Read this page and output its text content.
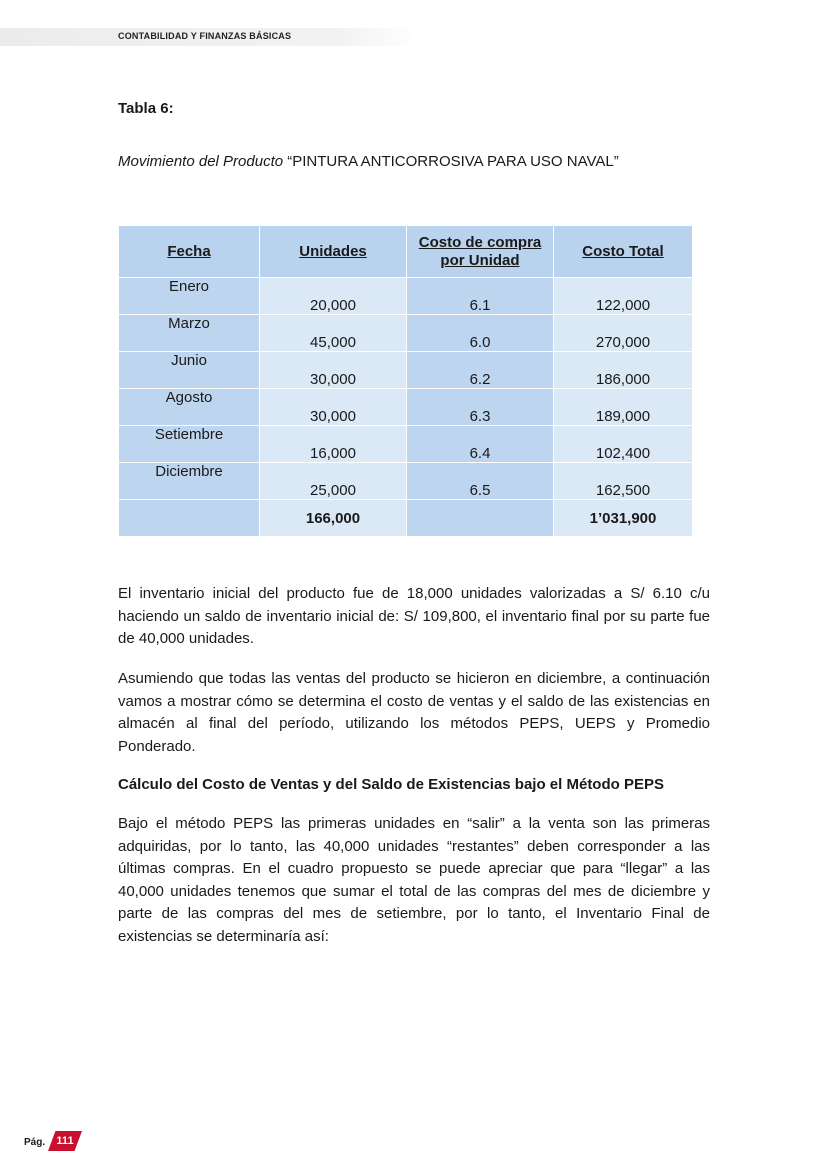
CONTABILIDAD Y FINANZAS BÁSICAS
Tabla 6:
Movimiento del Producto “PINTURA ANTICORROSIVA PARA USO NAVAL”
Fecha	Unidades	Costo de compra por Unidad	Costo Total
Enero	20,000	6.1	122,000
Marzo	45,000	6.0	270,000
Junio	30,000	6.2	186,000
Agosto	30,000	6.3	189,000
Setiembre	16,000	6.4	102,400
Diciembre	25,000	6.5	162,500
	166,000		1’031,900
El inventario inicial del producto fue de 18,000 unidades valorizadas a S/ 6.10 c/u haciendo un saldo de inventario inicial de: S/ 109,800, el inventario final por su parte fue de 40,000 unidades.
Asumiendo que todas las ventas del producto se hicieron en diciembre, a continuación vamos a mostrar cómo se determina el costo de ventas y el saldo de las existencias en almacén al final del período, utilizando los métodos PEPS, UEPS y Promedio Ponderado.
Cálculo del Costo de Ventas y del Saldo de Existencias bajo el Método PEPS
Bajo el método PEPS las primeras unidades en “salir” a la venta son las primeras adquiridas, por lo tanto, las 40,000 unidades “restantes” deben corresponder a las últimas compras. En el cuadro propuesto se puede apreciar que para “llegar” a las 40,000 unidades tenemos que sumar el total de las compras del mes de diciembre y parte de las compras del mes de setiembre, por lo tanto, el Inventario Final de existencias se determinaría así:
Pág.	111
